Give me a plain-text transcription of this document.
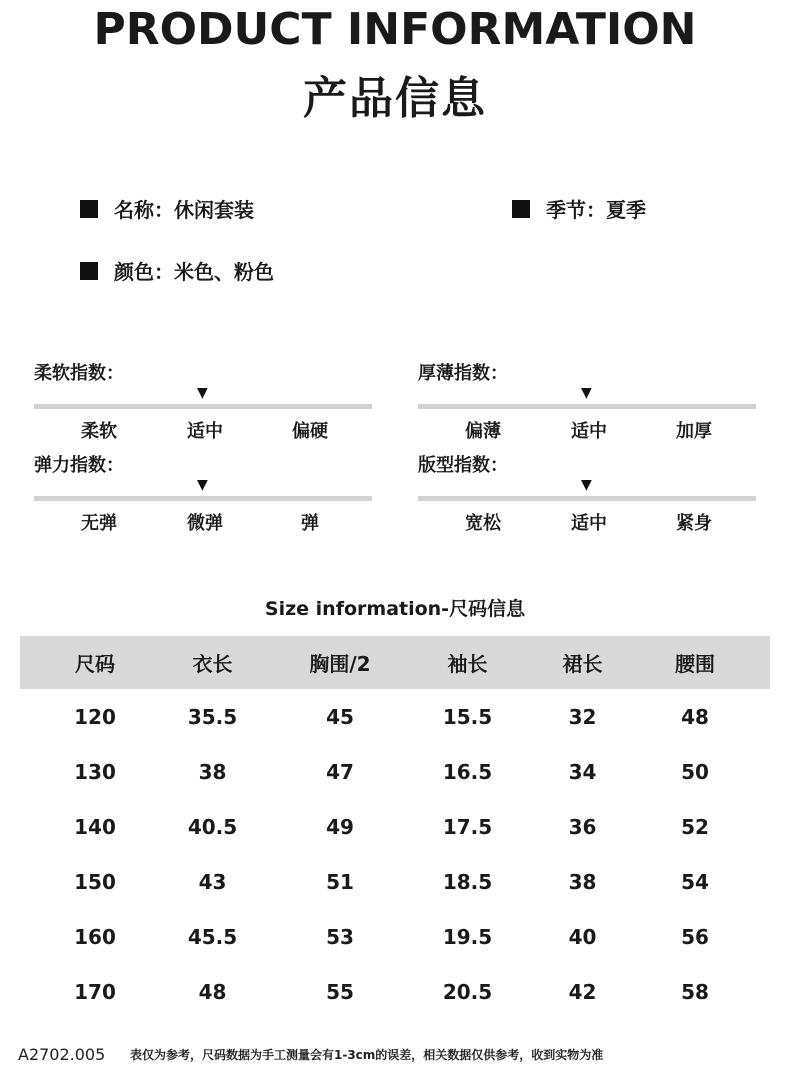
PRODUCT INFORMATION
产品信息
名称：休闲套装	季节：夏季
颜色：米色、粉色
柔软指数：
▼
柔软	适中	偏硬
厚薄指数：
▼
偏薄	适中	加厚
弹力指数：
▼
无弹	微弹	弹
版型指数：
▼
宽松	适中	紧身
Size information-尺码信息
尺码	衣长	胸围/2	袖长	裙长	腰围
120	35.5	45	15.5	32	48
130	38	47	16.5	34	50
140	40.5	49	17.5	36	52
150	43	51	18.5	38	54
160	45.5	53	19.5	40	56
170	48	55	20.5	42	58
A2702.005 表仅为参考，尺码数据为手工测量会有1-3cm的误差，相关数据仅供参考，收到实物为准
